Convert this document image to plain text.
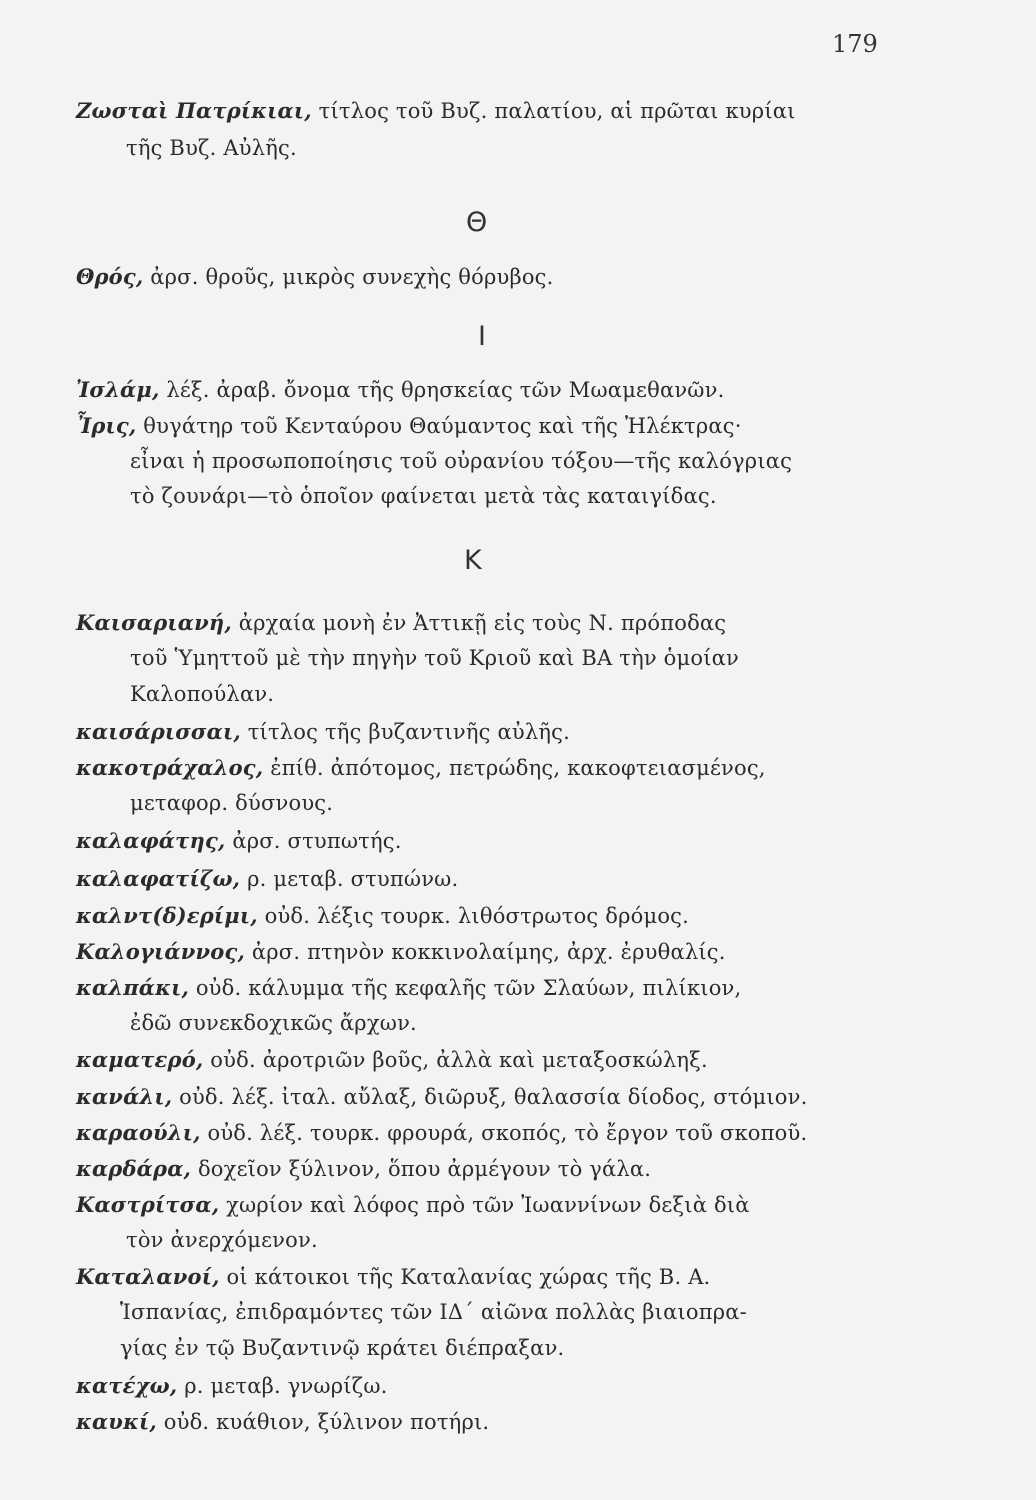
179
Ζωσταὶ Πατρίκιαι, τίτλος τοῦ Βυζ. παλατίου, αἱ πρῶται κυρίαι
τῆς Βυζ. Αὐλῆς.
Θ
Θρός, ἀρσ. θροῦς, μικρὸς συνεχὴς θόρυβος.
Ι
Ἰσλάμ, λέξ. ἀραβ. ὄνομα τῆς θρησκείας τῶν Μωαμεθανῶν.
Ἶρις, θυγάτηρ τοῦ Κενταύρου Θαύμαντος καὶ τῆς Ἠλέκτρας·
εἶναι ἡ προσωποποίησις τοῦ οὐρανίου τόξου—τῆς καλόγριας
τὸ ζουνάρι—τὸ ὁποῖον φαίνεται μετὰ τὰς καταιγίδας.
Κ
Καισαριανή, ἀρχαία μονὴ ἐν Ἀττικῇ εἰς τοὺς Ν. πρόποδας
τοῦ Ὑμηττοῦ μὲ τὴν πηγὴν τοῦ Κριοῦ καὶ ΒΑ τὴν ὁμοίαν
Καλοπούλαν.
καισάρισσαι, τίτλος τῆς βυζαντινῆς αὐλῆς.
κακοτράχαλος, ἐπίθ. ἀπότομος, πετρώδης, κακοφτειασμένος,
μεταφορ. δύσνους.
καλαφάτης, ἀρσ. στυπωτής.
καλαφατίζω, ρ. μεταβ. στυπώνω.
καλντ(δ)ερίμι, οὐδ. λέξις τουρκ. λιθόστρωτος δρόμος.
Καλογιάννος, ἀρσ. πτηνὸν κοκκινολαίμης, ἀρχ. ἐρυθαλίς.
καλπάκι, οὐδ. κάλυμμα τῆς κεφαλῆς τῶν Σλαύων, πιλίκιον,
ἐδῶ συνεκδοχικῶς ἄρχων.
καματερό, οὐδ. ἀροτριῶν βοῦς, ἀλλὰ καὶ μεταξοσκώληξ.
κανάλι, οὐδ. λέξ. ἰταλ. αὔλαξ, διῶρυξ, θαλασσία δίοδος, στόμιον.
καραούλι, οὐδ. λέξ. τουρκ. φρουρά, σκοπός, τὸ ἔργον τοῦ σκοποῦ.
καρδάρα, δοχεῖον ξύλινον, ὅπου ἀρμέγουν τὸ γάλα.
Καστρίτσα, χωρίον καὶ λόφος πρὸ τῶν Ἰωαννίνων δεξιὰ διὰ
τὸν ἀνερχόμενον.
Καταλανοί, οἱ κάτοικοι τῆς Καταλανίας χώρας τῆς Β. Α.
Ἱσπανίας, ἐπιδραμόντες τῶν ΙΔ΄ αἰῶνα πολλὰς βιαιοπρα-
γίας ἐν τῷ Βυζαντινῷ κράτει διέπραξαν.
κατέχω, ρ. μεταβ. γνωρίζω.
καυκί, οὐδ. κυάθιον, ξύλινον ποτήρι.
